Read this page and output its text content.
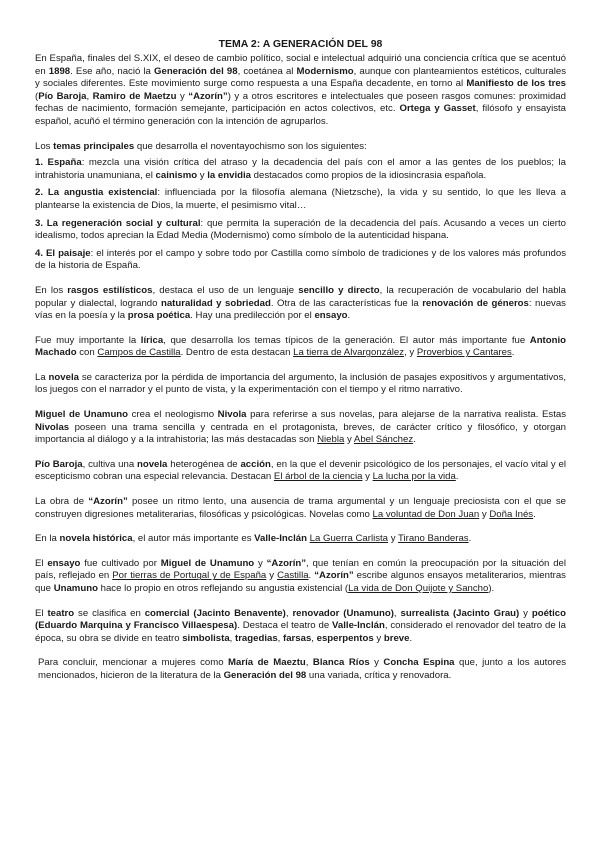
TEMA 2: A GENERACIÓN DEL 98

En España, finales del S.XIX, el deseo de cambio político, social e intelectual adquirió una conciencia crítica que se acentuó en 1898. Ese año, nació la Generación del 98, coetánea al Modernismo, aunque con planteamientos estéticos, culturales y sociales diferentes. Este movimiento surge como respuesta a una España decadente, en torno al Manifiesto de los tres (Pío Baroja, Ramiro de Maetzu y “Azorín”) y a otros escritores e intelectuales que poseen rasgos comunes: proximidad fechas de nacimiento, formación semejante, participación en actos colectivos, etc. Ortega y Gasset, filósofo y ensayista español, acuñó el término generación con la intención de agruparlos.

Los temas principales que desarrolla el noventayochismo son los siguientes:

1. España: mezcla una visión crítica del atraso y la decadencia del país con el amor a las gentes de los pueblos; la intrahistoria unamuniana, el cainismo y la envidia destacados como propios de la idiosincrasia española.

2. La angustia existencial: influenciada por la filosofía alemana (Nietzsche), la vida y su sentido, lo que les lleva a plantearse la existencia de Dios, la muerte, el pesimismo vital…

3. La regeneración social y cultural: que permita la superación de la decadencia del país. Acusando a veces un cierto idealismo, todos aprecian la Edad Media (Modernismo) como símbolo de la autenticidad hispana.

4. El paisaje: el interés por el campo y sobre todo por Castilla como símbolo de tradiciones y de los valores más profundos de la historia de España.

En los rasgos estilísticos, destaca el uso de un lenguaje sencillo y directo, la recuperación de vocabulario del habla popular y dialectal, logrando naturalidad y sobriedad. Otra de las características fue la renovación de géneros: nuevas vías en la poesía y la prosa poética. Hay una predilección por el ensayo.

Fue muy importante la lírica, que desarrolla los temas típicos de la generación. El autor más importante fue Antonio Machado con Campos de Castilla. Dentro de esta destacan La tierra de Alvargonzález, y Proverbios y Cantares.

La novela se caracteriza por la pérdida de importancia del argumento, la inclusión de pasajes expositivos y argumentativos, los juegos con el narrador y el punto de vista, y la experimentación con el tiempo y el ritmo narrativo.

Miguel de Unamuno crea el neologismo Nivola para referirse a sus novelas, para alejarse de la narrativa realista. Estas Nivolas poseen una trama sencilla y centrada en el protagonista, breves, de carácter crítico y filosófico, y otorgan importancia al diálogo y a la intrahistoria; las más destacadas son Niebla y Abel Sánchez.

Pío Baroja, cultiva una novela heterogénea de acción, en la que el devenir psicológico de los personajes, el vacío vital y el escepticismo cobran una especial relevancia. Destacan El árbol de la ciencia y La lucha por la vida.

La obra de “Azorín” posee un ritmo lento, una ausencia de trama argumental y un lenguaje preciosista con el que se construyen digresiones metaliterarias, filosóficas y psicológicas. Novelas como La voluntad de Don Juan y Doña Inés.

En la novela histórica, el autor más importante es Valle-Inclán La Guerra Carlista y Tirano Banderas.

El ensayo fue cultivado por Miguel de Unamuno y “Azorín”, que tenían en común la preocupación por la situación del país, reflejado en Por tierras de Portugal y de España y Castilla. “Azorín” escribe algunos ensayos metaliterarios, mientras que Unamuno hace lo propio en otros reflejando su angustia existencial (La vida de Don Quijote y Sancho).

El teatro se clasifica en comercial (Jacinto Benavente), renovador (Unamuno), surrealista (Jacinto Grau) y poético (Eduardo Marquina y Francisco Villaespesa). Destaca el teatro de Valle-Inclán, considerado el renovador del teatro de la época, su obra se divide en teatro simbolista, tragedias, farsas, esperpentos y breve.

Para concluir, mencionar a mujeres como María de Maeztu, Blanca Ríos y Concha Espina que, junto a los autores mencionados, hicieron de la literatura de la Generación del 98 una variada, crítica y renovadora.
